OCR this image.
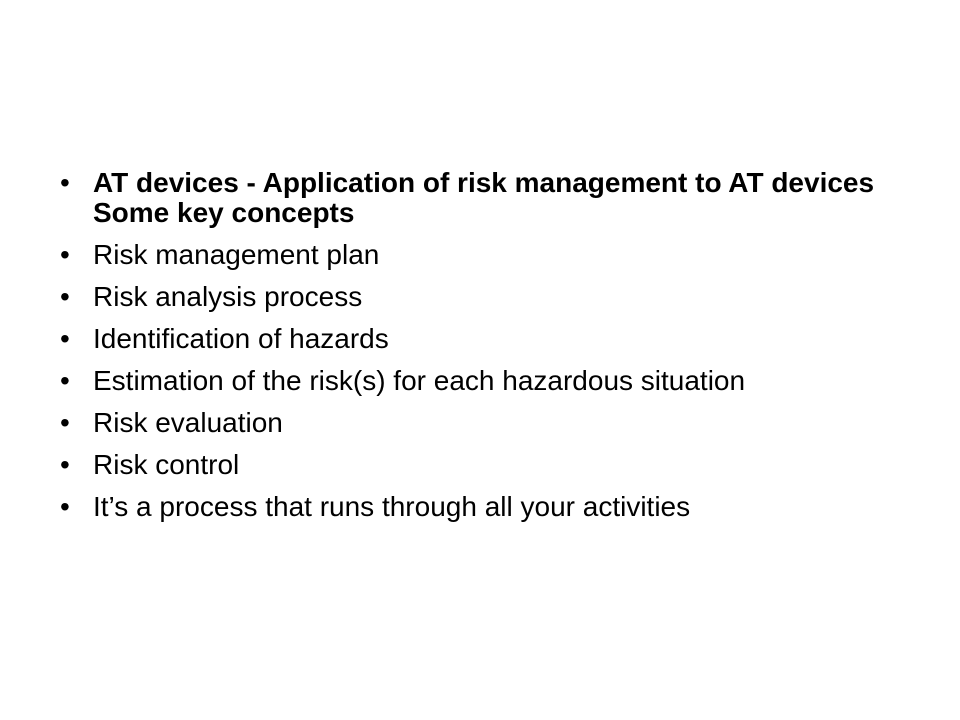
• AT devices - Application of risk management to AT devices Some key concepts
• Risk management plan
• Risk analysis process
• Identification of hazards
• Estimation of the risk(s) for each hazardous situation
• Risk evaluation
• Risk control
• It’s a process that runs through all your activities
